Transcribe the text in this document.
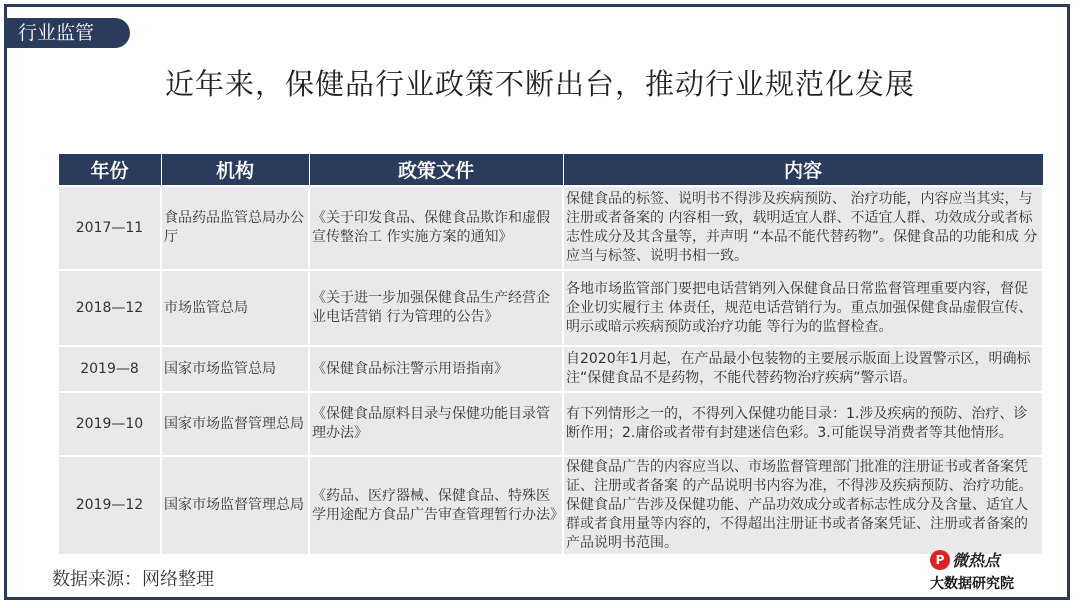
行业监管
近年来，保健品行业政策不断出台，推动行业规范化发展
年份	机构	政策文件	内容
2017—11	食品药品监管总局办公厅	《关于印发食品、保健食品欺诈和虚假宣传整治工 作实施方案的通知》	保健食品的标签、说明书不得涉及疾病预防、 治疗功能，内容应当其实，与注册或者备案的 内容相一致，载明适宜人群、不适宜人群、功效成分或者标志性成分及其含量等，并声明 “本品不能代替药物”。保健食品的功能和成 分应当与标签、说明书相一致。
2018—12	市场监管总局	《关于进一步加强保健食品生产经营企业电话营销 行为管理的公告》	各地市场监管部门要把电话营销列入保健食品日常监督管理重要内容，督促企业切实履行主 体责任，规范电话营销行为。重点加强保健食品虚假宣传、明示或暗示疾病预防或治疗功能 等行为的监督检查。
2019—8	国家市场监管总局	《保健食品标注警示用语指南》	自2020年1月起，在产品最小包装物的主要展示版面上设置警示区，明确标注“保健食品不是药物，不能代替药物治疗疾病”警示语。
2019—10	国家市场监督管理总局	《保健食品原料目录与保健功能目录管理办法》	有下列情形之一的，不得列入保健功能目录：1.涉及疾病的预防、治疗、诊断作用；2.庸俗或者带有封建迷信色彩。3.可能误导消费者等其他情形。
2019—12	国家市场监督管理总局	《药品、医疗器械、保健食品、特殊医学用途配方食品广告审查管理暂行办法》	保健食品广告的内容应当以、市场监督管理部门批准的注册证书或者备案凭证、注册或者备案 的产品说明书内容为准，不得涉及疾病预防、治疗功能。保健食品广告涉及保健功能、产品功效成分或者标志性成分及含量、适宜人群或者食用量等内容的，不得超出注册证书或者备案凭证、注册或者备案的产品说明书范围。
数据来源：网络整理
P 微热点
大数据研究院
